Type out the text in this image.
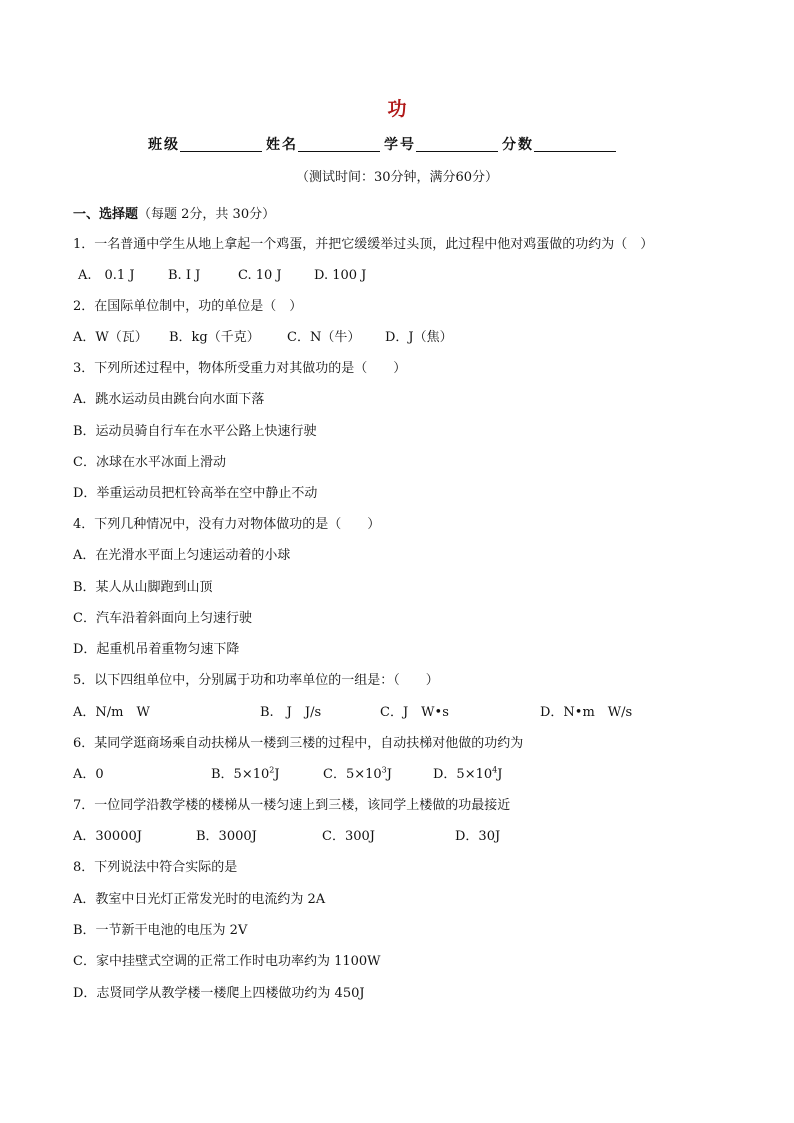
功
班级	姓名	学号	分数
（测试时间：30分钟，满分60分）
一、选择题（每题 2分，共 30分）
1．一名普通中学生从地上拿起一个鸡蛋，并把它缓缓举过头顶，此过程中他对鸡蛋做的功约为（　）
A.　0.1 J	B. I J	C. 10 J D. 100 J
2．在国际单位制中，功的单位是（　）
A．W（瓦） B．kg（千克） C．N（牛） D．J（焦）
3．下列所述过程中，物体所受重力对其做功的是（　　）
A．跳水运动员由跳台向水面下落
B．运动员骑自行车在水平公路上快速行驶
C．冰球在水平冰面上滑动
D．举重运动员把杠铃高举在空中静止不动
4．下列几种情况中，没有力对物体做功的是（　　）
A．在光滑水平面上匀速运动着的小球
B．某人从山脚跑到山顶
C．汽车沿着斜面向上匀速行驶
D．起重机吊着重物匀速下降
5．以下四组单位中，分别属于功和功率单位的一组是：（　　）
A．N/m　W	B.　J　J/s	C．J　W•s	D．N•m　W/s
6．某同学逛商场乘自动扶梯从一楼到三楼的过程中，自动扶梯对他做的功约为
A．0	B．$5\times 10^2J$	C．$5\times 10^3J$	D．$5\times 10^4J$
7．一位同学沿教学楼的楼梯从一楼匀速上到三楼，该同学上楼做的功最接近
A．30000J	B．3000J	C．300J	D．30J
8．下列说法中符合实际的是
A．教室中日光灯正常发光时的电流约为 2A
B．一节新干电池的电压为 2V
C．家中挂壁式空调的正常工作时电功率约为 1100W
D．志贤同学从教学楼一楼爬上四楼做功约为 450J
